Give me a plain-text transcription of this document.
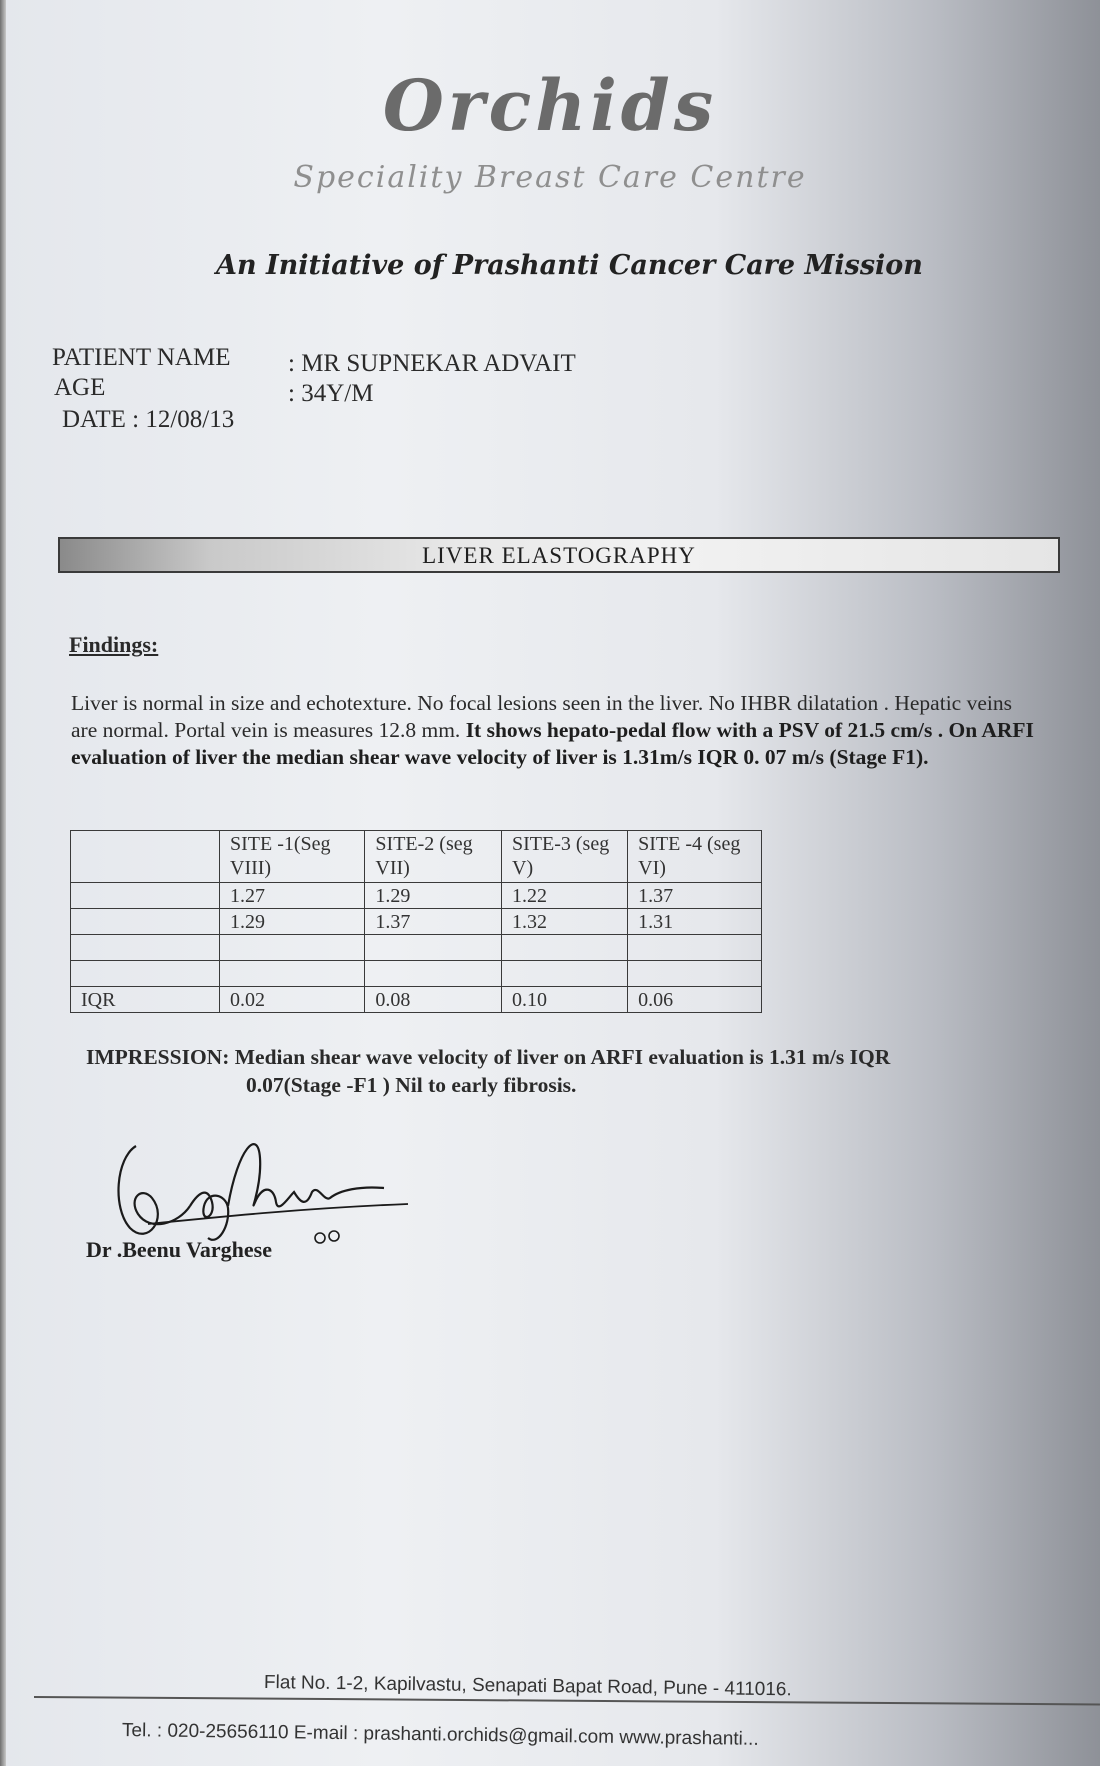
Orchids
Speciality Breast Care Centre
An Initiative of Prashanti Cancer Care Mission
PATIENT NAME : MR SUPNEKAR ADVAIT
AGE	: 34Y/M
DATE : 12/08/13
LIVER ELASTOGRAPHY
Findings:
Liver is normal in size and echotexture. No focal lesions seen in the liver. No IHBR dilatation . Hepatic veins are normal. Portal vein is measures 12.8 mm. It shows hepato-pedal flow with a PSV of 21.5 cm/s . On ARFI evaluation of liver the median shear wave velocity of liver is 1.31m/s IQR 0. 07 m/s (Stage F1).
	SITE -1(Seg VIII)	SITE-2 (seg VII)	SITE-3 (seg V)	SITE -4 (seg VI)
	1.27	1.29	1.22	1.37
	1.29	1.37	1.32	1.31

IQR	0.02	0.08	0.10	0.06
IMPRESSION: Median shear wave velocity of liver on ARFI evaluation is 1.31 m/s IQR
0.07(Stage -F1 ) Nil to early fibrosis.
Dr .Beenu Varghese
Flat No. 1-2, Kapilvastu, Senapati Bapat Road, Pune - 411016.
Tel. : 020-25656110 E-mail : prashanti.orchids@gmail.com www.prashanti...
